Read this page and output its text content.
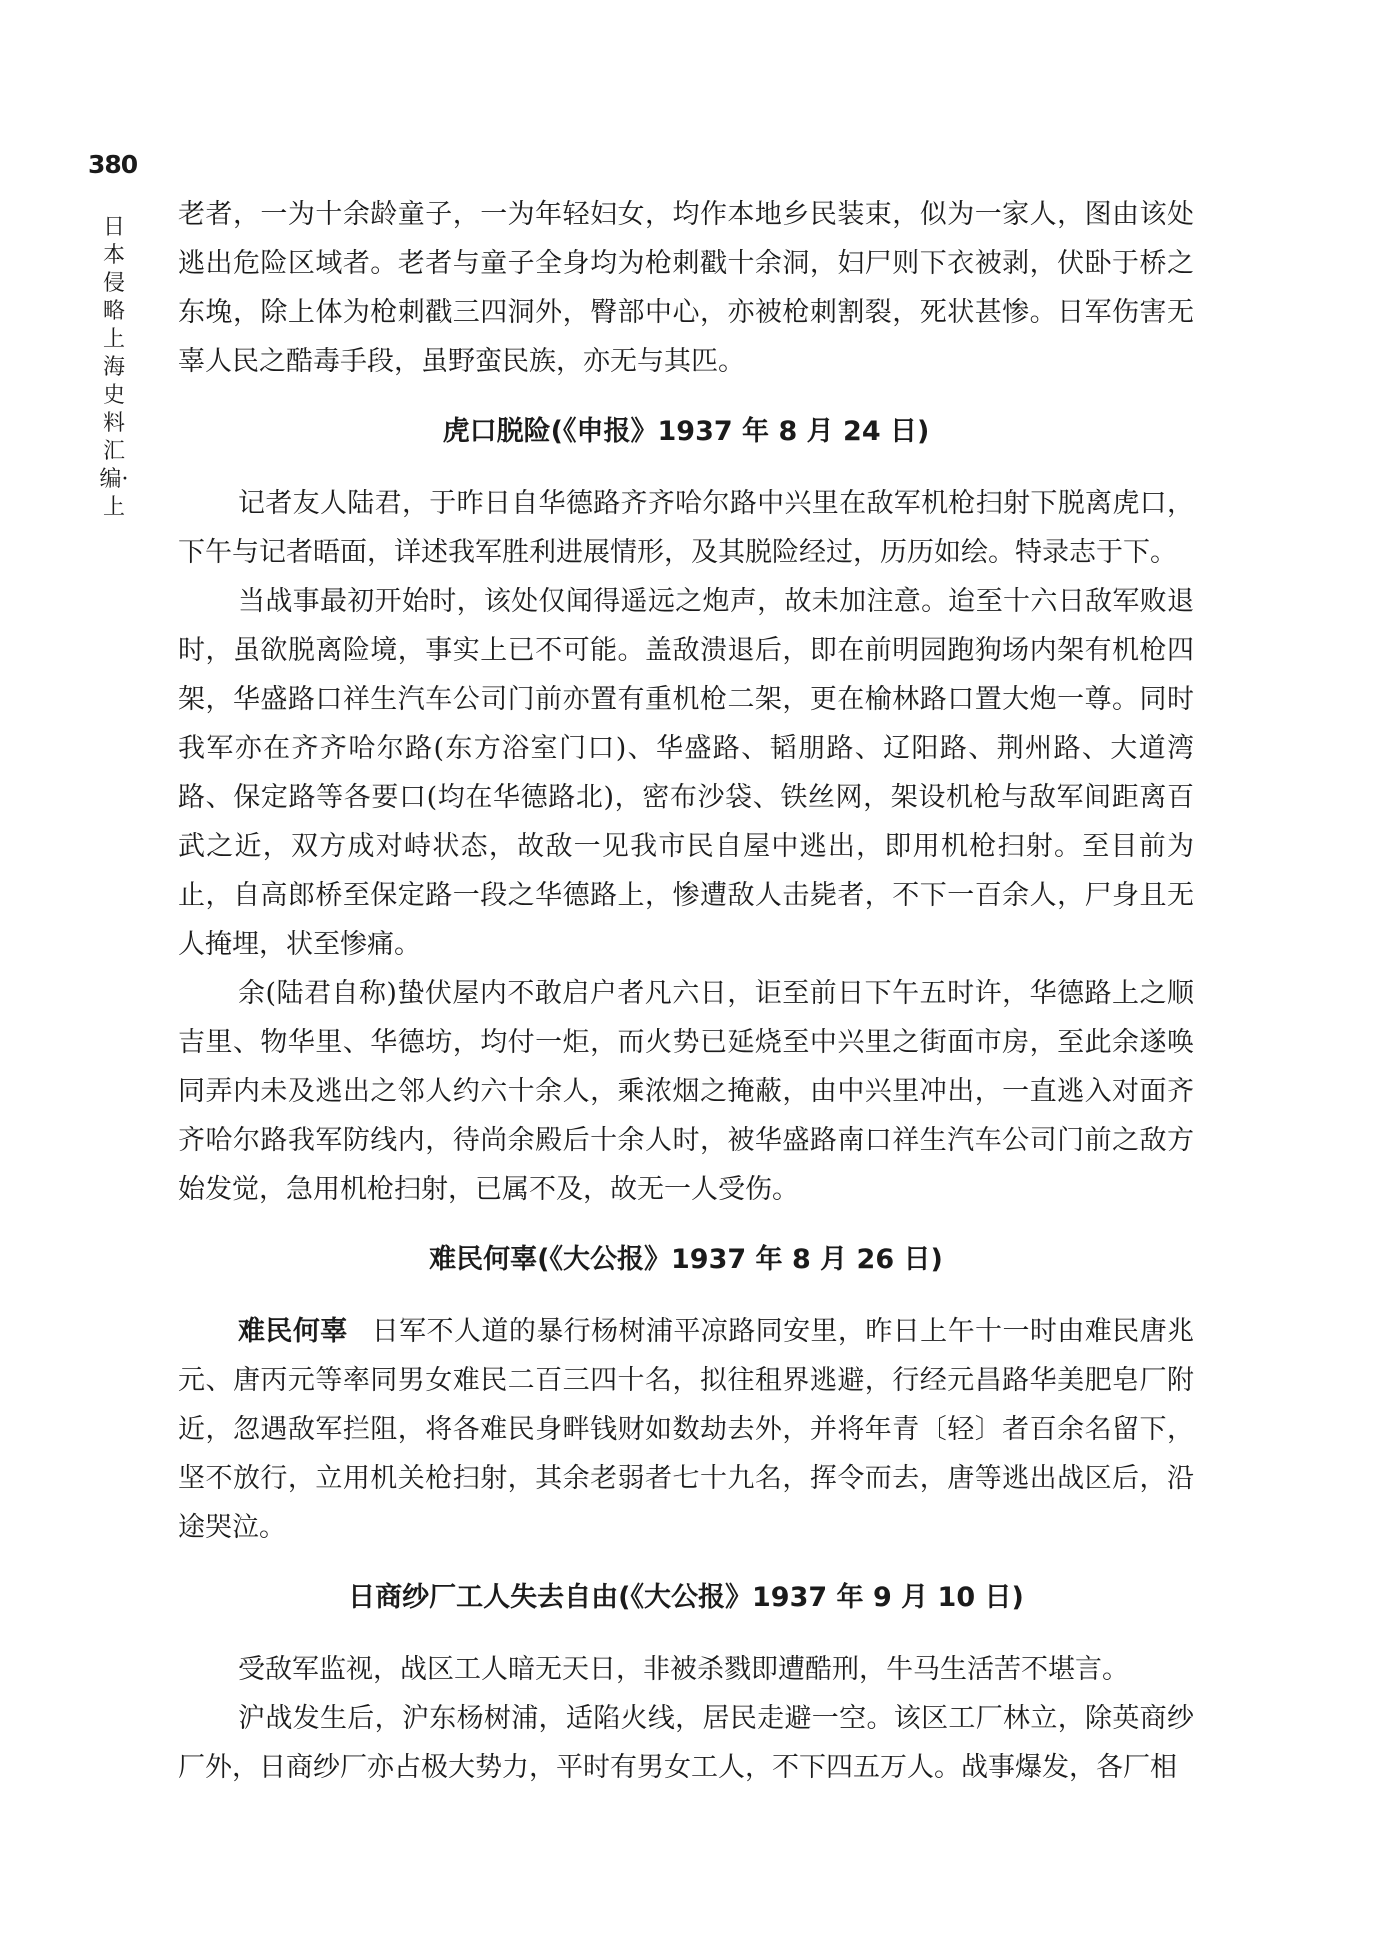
380
日本侵略上海史料汇编·上

老者，一为十余龄童子，一为年轻妇女，均作本地乡民装束，似为一家人，图由该处逃出危险区域者。老者与童子全身均为枪刺戳十余洞，妇尸则下衣被剥，伏卧于桥之东堍，除上体为枪刺戳三四洞外，臀部中心，亦被枪刺割裂，死状甚惨。日军伤害无辜人民之酷毒手段，虽野蛮民族，亦无与其匹。

虎口脱险(《申报》1937 年 8 月 24 日)

记者友人陆君，于昨日自华德路齐齐哈尔路中兴里在敌军机枪扫射下脱离虎口，下午与记者晤面，详述我军胜利进展情形，及其脱险经过，历历如绘。特录志于下。

当战事最初开始时，该处仅闻得遥远之炮声，故未加注意。迨至十六日敌军败退时，虽欲脱离险境，事实上已不可能。盖敌溃退后，即在前明园跑狗场内架有机枪四架，华盛路口祥生汽车公司门前亦置有重机枪二架，更在榆林路口置大炮一尊。同时我军亦在齐齐哈尔路(东方浴室门口)、华盛路、韬朋路、辽阳路、荆州路、大道湾路、保定路等各要口(均在华德路北)，密布沙袋、铁丝网，架设机枪与敌军间距离百武之近，双方成对峙状态，故敌一见我市民自屋中逃出，即用机枪扫射。至目前为止，自高郎桥至保定路一段之华德路上，惨遭敌人击毙者，不下一百余人，尸身且无人掩埋，状至惨痛。

余(陆君自称)蛰伏屋内不敢启户者凡六日，讵至前日下午五时许，华德路上之顺吉里、物华里、华德坊，均付一炬，而火势已延烧至中兴里之街面市房，至此余遂唤同弄内未及逃出之邻人约六十余人，乘浓烟之掩蔽，由中兴里冲出，一直逃入对面齐齐哈尔路我军防线内，待尚余殿后十余人时，被华盛路南口祥生汽车公司门前之敌方始发觉，急用机枪扫射，已属不及，故无一人受伤。

难民何辜(《大公报》1937 年 8 月 26 日)

难民何辜 日军不人道的暴行杨树浦平凉路同安里，昨日上午十一时由难民唐兆元、唐丙元等率同男女难民二百三四十名，拟往租界逃避，行经元昌路华美肥皂厂附近，忽遇敌军拦阻，将各难民身畔钱财如数劫去外，并将年青〔轻〕者百余名留下，坚不放行，立用机关枪扫射，其余老弱者七十九名，挥令而去，唐等逃出战区后，沿途哭泣。

日商纱厂工人失去自由(《大公报》1937 年 9 月 10 日)

受敌军监视，战区工人暗无天日，非被杀戮即遭酷刑，牛马生活苦不堪言。

沪战发生后，沪东杨树浦，适陷火线，居民走避一空。该区工厂林立，除英商纱厂外，日商纱厂亦占极大势力，平时有男女工人，不下四五万人。战事爆发，各厂相
